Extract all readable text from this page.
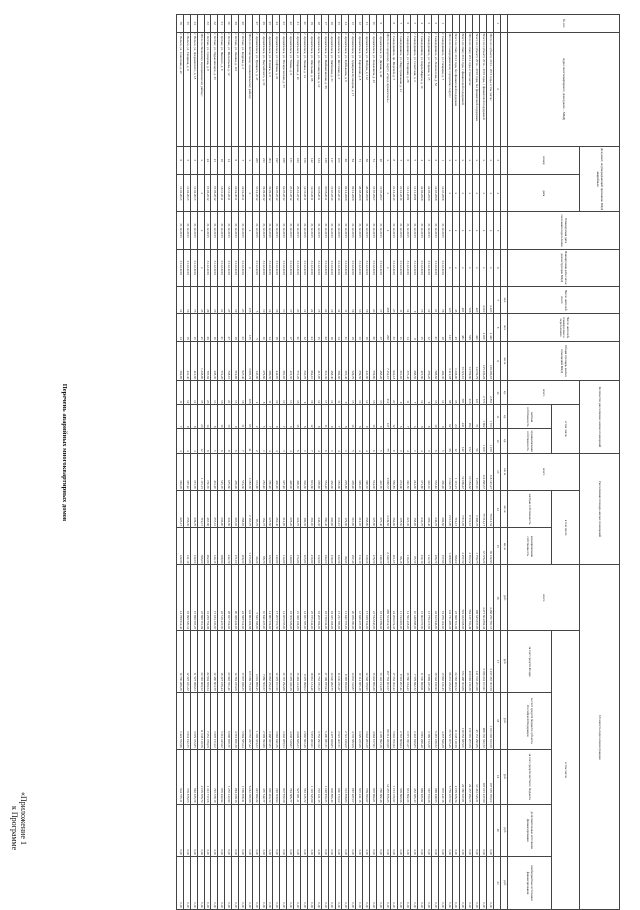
«Приложение 1
к Программе
Перечень аварийных многоквартирных домов
№ п/п	Адрес многоквартирного дома (далее – МКД)	Документ, подтверждающий признание МКД аварийным		Планируемая дата окончания переселения	Планируемая дата сноса/реконструкции МКД	Число жителей всего	Число жителей, планируемых к переселению	Общая площадь жилых помещений МКД	Количество расселяемых жилых помещений			Расселяемая площадь жилых помещений			Стоимость переселения граждан					
		номер	дата						всего	в том числе		всего	в том числе		всего	в том числе				
										частная собственность	муниципальная собственность		частная собственность	муниципальная собственность		за счет средств Фонда	за счет средств бюджета субъекта Российской Федерации	за счет средств местного бюджета	дополнительные источники финансирования	внебюджетные источники финансирования
						чел.	чел.	кв. м	ед.	ед.	ед.	кв. м	кв. м	кв. м	руб.	руб.	руб.	руб.	руб.	руб.
1	2	3	4	5	6	7	8	9	10	11	12	13	14	15	16	17	18	19	20	21
	Итого по субъекту 2014 – 2016 годы, в том числе:	х	х	х	х	4 420	4 420	139 296,05	2 891	1 733	1 158	118 145,47	79 012,52	39 132,95	4 468 250 700,17	3 237 267 303,59	1 033 306 613,58	197 676 783,00	0,00	0,00
	Всего по субъекту 2014 – 2016 годы, с финансовой поддержкой	х	х	х	х	4 000	4 000	125 236,26	2 770	1 662	1 108	112 890,37	75 514,17	37 376,20	4 271 604 862,32	3 096 234 101,91	988 155 322,72	187 215 437,69	0,00	0,00
	Всего по субъекту 2014 – 2016 годы, без финансовой поддержки	х	х	х	х	420	420	14 059,79	121	71	50	5 255,10	3 498,35	1 756,75	196 645 837,85	141 033 201,68	45 151 290,86	10 461 345,31	0,00	0,00
	Итого по этапу 2014 года, в том числе:	х	х	х	х	526	526	14 559,90	416	264	152	13 184,62	8 531,10	4 653,52	564 130 710,49	409 082 210,38	130 591 205,56	24 457 294,55	0,00	0,00
	Всего по этапу 2014 года, с финансовой поддержкой	х	х	х	х	481	481	13 321,10	381	241	140	12 069,47	7 811,95	4 257,52	516 432 008,67	374 498 303,86	119 553 087,00	22 380 617,81	0,00	0,00
	Всего по этапу 2014 года, без финансовой поддержки	х	х	х	х	45	45	1 238,80	35	23	12	1 115,15	719,15	396,00	47 698 701,82	34 583 906,52	11 038 118,56	2 076 676,74	0,00	0,00
	Итого по Северодвинскому городскому округу:	х	х	х	х	123	123	3 412,08	98	62	36	3 102,75	2 013,80	1 088,95	132 711 495,33	96 231 452,23	30 721 005,46	5 759 037,64	0,00	0,00
1	г. Северодвинск, ул. Гагарина, д. 7	1	14.03.2008	31.12.2015	31.12.2016	18	18	492,30	14	9	5	450,20	292,60	157,60	19 256 104,00	13 963 010,45	4 457 646,39	835 447,16	0,00	0,00
2	г. Северодвинск, ул. Ломоносова, д. 52	2	14.03.2008	31.12.2015	31.12.2016	21	21	588,60	16	10	6	533,40	346,70	186,70	22 813 946,00	16 542 810,93	5 281 186,52	989 948,55	0,00	0,00
3	г. Северодвинск, ул. Торцева, д. 15	3	24.06.2009	31.12.2015	31.12.2016	12	12	356,20	9	6	3	322,10	209,40	112,70	13 776 317,00	9 989 431,26	3 189 152,38	597 733,36	0,00	0,00
4	г. Северодвинск, ул. Карла Маркса, д. 10	4	24.06.2009	31.12.2015	31.12.2016	15	15	407,90	12	8	4	371,80	241,70	130,10	15 902 057,00	11 530 862,61	3 681 268,48	689 925,91	0,00	0,00
5	г. Северодвинск, ул. Советская, д. 3	5	11.11.2009	31.12.2015	31.12.2016	9	9	268,50	7	4	3	244,30	158,80	85,50	10 448 898,00	7 576 662,72	2 418 849,85	453 385,43	0,00	0,00
6	г. Северодвинск, ул. Полярная, д. 28	6	11.11.2009	31.12.2015	31.12.2016	14	14	373,40	11	7	4	340,50	221,30	119,20	14 563 418,00	10 560 164,43	3 371 391,27	631 862,30	0,00	0,00
7	г. Северодвинск, ул. Индустриальная, д. 41	7	21.12.2010	31.12.2015	31.12.2016	11	11	301,00	9	6	3	274,60	178,50	96,10	11 744 681,00	8 516 207,40	2 718 809,64	509 663,96	0,00	0,00
8	г. Северодвинск, пр. Морской, д. 5	8	21.12.2010	31.12.2015	31.12.2016	23	23	624,18	20	12	8	565,85	364,80	201,05	24 206 074,33	17 552 302,43	5 602 700,93	1 051 070,97	0,00	0,00
	Итого по городскому округу «Город Архангельск»:	х	х	х	х	268	268	7 452,10	212	137	75	6 698,37	4 349,60	2 348,77	286 534 812,50	207 764 003,57	66 314 932,68	12 455 876,25	0,00	0,00
9	г. Архангельск, ул. Дачная, д. 49	48	15.05.2007	31.12.2015	31.12.2016	17	17	468,20	13	8	5	423,70	275,40	148,30	18 124 589,00	13 142 214,38	4 195 692,16	786 682,46	0,00	0,00
10	г. Архангельск, ул. Зеньковича, д. 23	51	15.05.2007	31.12.2015	31.12.2016	20	20	556,80	16	10	6	504,30	327,80	176,50	21 572 843,00	15 642 860,28	4 994 017,91	935 964,81	0,00	0,00
11	г. Архангельск, ул. Победы, д. 112	63	28.08.2008	31.12.2015	31.12.2016	16	16	441,90	12	8	4	398,10	258,80	139,30	17 029 734,00	12 348 356,95	3 942 283,38	739 093,67	0,00	0,00
12	г. Архангельск, ул. Кировская, д. 8	71	28.08.2008	31.12.2015	31.12.2016	13	13	359,50	10	6	4	326,10	212,00	114,10	13 949 437,00	10 114 965,18	3 229 230,66	605 241,16	0,00	0,00
13	г. Архангельск, ул. Адмирала Кузнецова, д. 17	84	09.12.2009	31.12.2015	31.12.2016	19	19	529,70	15	10	5	478,20	310,80	167,40	20 456 380,00	14 833 312,87	4 735 580,06	887 487,07	0,00	0,00
14	г. Архангельск, ул. Куйбышева, д. 6	92	09.12.2009	31.12.2015	31.12.2016	11	11	305,40	9	6	3	276,80	179,90	96,90	11 840 757,00	8 585 852,09	2 741 046,08	513 858,83	0,00	0,00
15	г. Архангельск, ул. Мостовая, д. 3	105	17.03.2010	31.12.2015	31.12.2016	14	14	392,60	11	7	4	355,60	231,10	124,50	15 211 785,00	11 030 211,27	3 521 400,71	660 173,02	0,00	0,00
16	г. Архангельск, ул. Шабалина, д. 31	117	17.03.2010	31.12.2015	31.12.2016	18	18	498,40	14	9	5	452,00	293,80	158,20	19 335 108,00	14 020 282,75	4 475 929,85	838 895,40	0,00	0,00
17	г. Архангельск, ул. Маймаксанская, д. 96	129	30.06.2011	31.12.2015	31.12.2016	22	22	611,30	17	11	6	554,40	360,40	194,00	23 716 032,00	17 196 975,94	5 490 081,71	1 028 974,35	0,00	0,00
18	г. Архангельск, ул. Лесозаводская, д. 12	134	30.06.2011	31.12.2015	31.12.2016	15	15	417,80	12	8	4	378,90	246,30	132,60	16 208 784,00	11 753 371,33	3 752 291,52	703 121,15	0,00	0,00
19	г. Архангельск, ул. Школьная, д. 88	142	12.10.2011	31.12.2015	31.12.2016	24	24	664,10	19	12	7	601,60	391,00	210,60	25 735 244,00	18 661 134,40	5 957 463,61	1 116 645,99	0,00	0,00
20	г. Архангельск, ул. Ленина, д. 14	156	12.10.2011	31.12.2015	31.12.2016	12	12	333,70	9	6	3	302,30	196,50	105,80	12 931 787,00	9 376 998,02	2 993 663,26	561 125,72	0,00	0,00
21	г. Архангельск, ул. Гагарина, д. 40	163	25.01.2012	31.12.2015	31.12.2016	20	20	551,20	16	10	6	499,50	324,70	174,80	21 368 122,00	15 494 414,56	4 946 626,33	927 081,11	0,00	0,00
22	г. Архангельск, ул. Тимме, д. 9	171	25.01.2012	31.12.2015	31.12.2016	17	17	472,50	13	9	4	428,00	278,20	149,80	18 309 526,00	13 276 320,36	4 238 518,87	794 686,77	0,00	0,00
23	г. Архангельск, ул. Воскресенская, д. 55	188	04.05.2012	31.12.2015	31.12.2016	13	13	361,00	10	7	3	327,40	212,80	114,60	14 005 053,00	10 155 292,88	3 242 089,54	607 670,58	0,00	0,00
24	г. Архангельск, ул. Суфтина, д. 21	197	04.05.2012	31.12.2015	31.12.2016	16	16	444,00	12	8	4	402,20	261,40	140,80	17 205 551,50	12 476 101,50	3 982 940,36	746 509,64	0,00	0,00
25	г. Архангельск, ул. Розинга, д. 2	204	19.09.2012	31.12.2015	31.12.2016	14	14	386,50	11	7	4	350,20	227,60	122,60	14 981 519,00	10 863 252,41	3 468 061,85	650 204,74	0,00	0,00
26	г. Архангельск, ул. Выучейского, д. 30	211	19.09.2012	31.12.2015	31.12.2016	10	10	279,60	8	5	3	253,40	164,70	88,70	10 840 437,00	7 860 500,57	2 509 393,66	470 542,77	0,00	0,00
27	г. Архангельск, ул. Урицкого, д. 47	225	13.12.2012	31.12.2015	31.12.2016	5	5	145,90	4	2	2	131,90	85,70	46,20	5 643 166,00	4 091 869,45	1 306 334,33	245 962,22	0,00	0,00
	Итого по Котласскому муниципальному району:	х	х	х	х	135	135	3 695,72	106	65	41	3 383,50	2 167,70	1 215,80	144 884 402,66	105 086 754,58	33 555 267,42	6 242 380,66	0,00	0,00
28	г. Котлас, ул. Кедрова, д. 3	7	22.04.2011	31.12.2015	31.12.2016	23	23	627,40	18	11	7	574,30	368,00	206,30	24 598 512,00	17 837 068,35	5 694 585,24	1 066 858,41	0,00	0,00
29	г. Котлас, ул. Ленина, д. 101	9	22.04.2011	31.12.2015	31.12.2016	19	19	519,80	15	9	6	476,00	305,00	171,00	20 388 224,00	14 784 035,06	4 719 850,78	884 338,16	0,00	0,00
30	г. Котлас, ул. Мелентьева, д. 12	14	18.11.2011	31.12.2015	31.12.2016	27	27	738,10	21	13	8	675,60	432,90	242,70	28 937 354,00	20 983 351,40	6 698 858,70	1 255 143,90	0,00	0,00
31	г. Котлас, ул. Невского, д. 6	16	18.11.2011	31.12.2015	31.12.2016	21	21	574,20	16	10	6	525,70	336,80	188,90	22 516 427,00	16 327 036,44	5 212 445,62	976 944,94	0,00	0,00
32	г. Котлас, ул. Орджоникидзе, д. 25	21	07.06.2012	31.12.2015	31.12.2016	16	16	438,30	13	8	5	401,20	257,10	144,10	17 184 133,00	12 460 603,79	3 978 151,02	745 378,19	0,00	0,00
33	г. Котлас, ул. Суворова, д. 8	24	07.06.2012	31.12.2015	31.12.2016	29	29	797,92	23	14	9	730,70	467,90	262,80	31 259 752,66	22 694 659,54	7 251 376,06	1 313 717,06	0,00	0,00
	Итого по Вельскому муниципальному району:	х	х	х	х	45	45	1 238,80	35	23	12	1 115,15	719,15	396,00	47 698 701,82	34 583 906,52	11 038 118,56	2 076 676,74	0,00	0,00
34	г. Вельск, ул. Дзержинского, д. 18	3	11.02.2013	31.12.2015	31.12.2016	15	15	412,60	12	8	4	371,70	239,70	132,00	15 899 567,27	11 527 968,84	3 679 372,85	692 225,58	0,00	0,00
35	г. Вельск, ул. Гагарина, д. 9	5	11.02.2013	31.12.2015	31.12.2016	16	16	441,40	12	8	4	397,40	256,30	141,10	16 999 520,12	12 325 451,32	3 934 192,75	739 876,05	0,00	0,00
36	г. Вельск, ул. Советская, д. 40	6	11.02.2013	31.12.2015	31.12.2016	14	14	384,80	11	7	4	346,05	223,15	122,90	14 799 614,43	10 730 486,36	3 424 552,96	644 575,11	0,00	0,00
